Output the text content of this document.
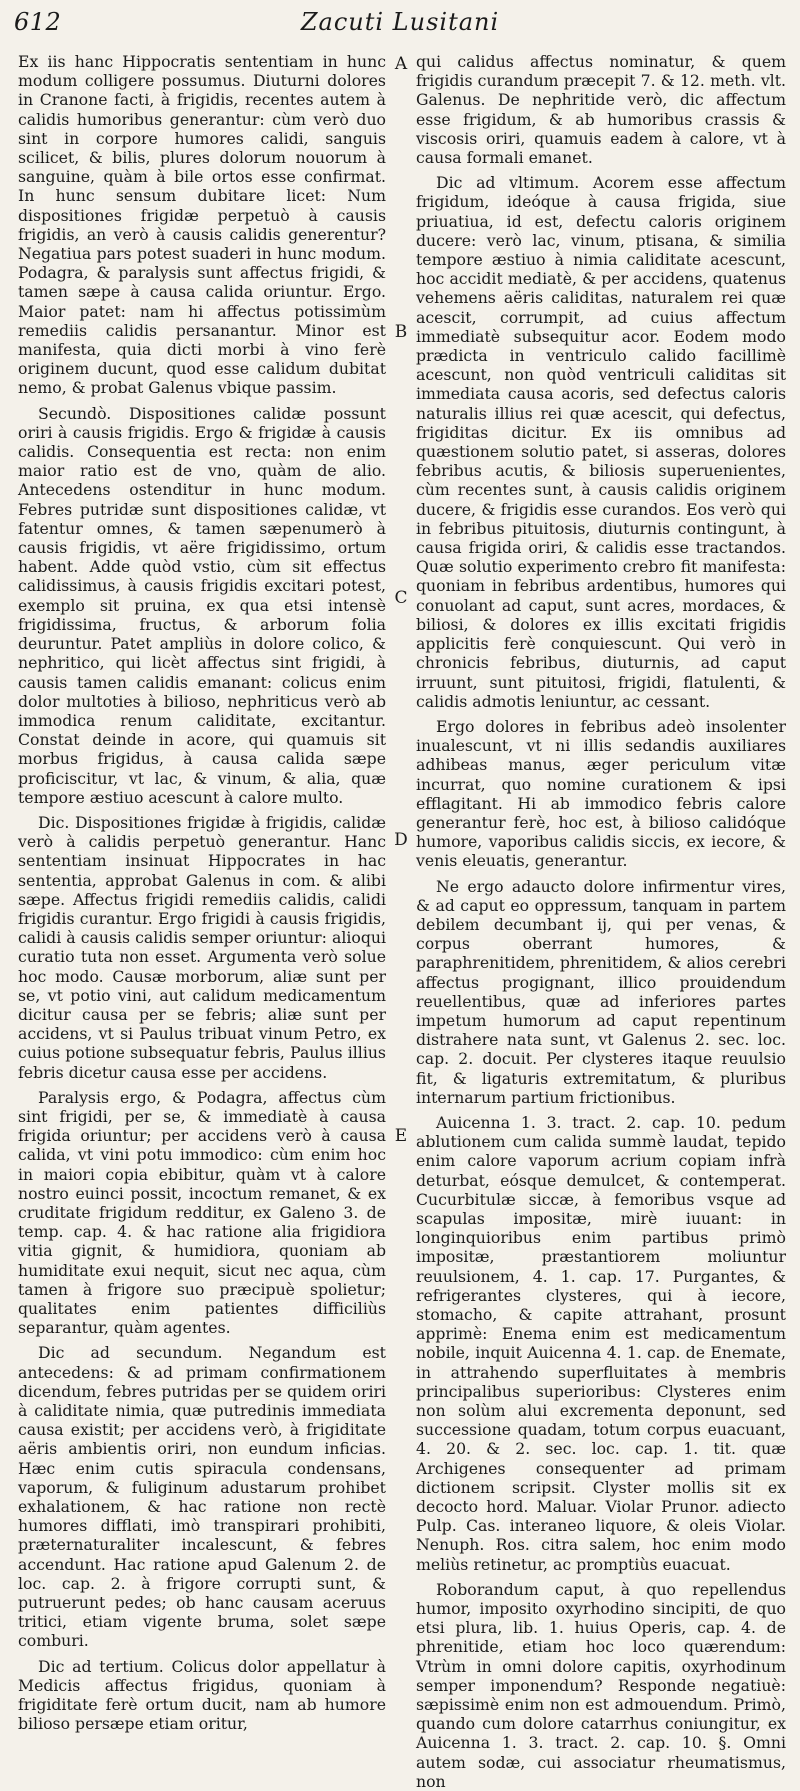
612	Zacuti Lusitani

Ex iis hanc Hippocratis sententiam in hunc modum colligere possumus. Diuturni dolores in Cranone facti, à frigidis, recentes autem à calidis humoribus generantur: cùm verò duo sint in corpore humores calidi, sanguis scilicet, & bilis, plures dolorum nouorum à sanguine, quàm à bile ortos esse confirmat. In hunc sensum dubitare licet: Num dispositiones frigidæ perpetuò à causis frigidis, an verò à causis calidis generentur? Negatiua pars potest suaderi in hunc modum. Podagra, & paralysis sunt affectus frigidi, & tamen sæpe à causa calida oriuntur. Ergo. Maior patet: nam hi affectus potissimùm remediis calidis persanantur. Minor est manifesta, quia dicti morbi à vino ferè originem ducunt, quod esse calidum dubitat nemo, & probat Galenus vbique passim.

Secundò. Dispositiones calidæ possunt oriri à causis frigidis. Ergo & frigidæ à causis calidis. Consequentia est recta: non enim maior ratio est de vno, quàm de alio. Antecedens ostenditur in hunc modum. Febres putridæ sunt dispositiones calidæ, vt fatentur omnes, & tamen sæpenumerò à causis frigidis, vt aëre frigidissimo, ortum habent. Adde quòd vstio, cùm sit effectus calidissimus, à causis frigidis excitari potest, exemplo sit pruina, ex qua etsi intensè frigidissima, fructus, & arborum folia deuruntur. Patet ampliùs in dolore colico, & nephritico, qui licèt affectus sint frigidi, à causis tamen calidis emanant: colicus enim dolor multoties à bilioso, nephriticus verò ab immodica renum caliditate, excitantur. Constat deinde in acore, qui quamuis sit morbus frigidus, à causa calida sæpe proficiscitur, vt lac, & vinum, & alia, quæ tempore æstiuo acescunt à calore multo.

Dic. Dispositiones frigidæ à frigidis, calidæ verò à calidis perpetuò generantur. Hanc sententiam insinuat Hippocrates in hac sententia, approbat Galenus in com. & alibi sæpe. Affectus frigidi remediis calidis, calidi frigidis curantur. Ergo frigidi à causis frigidis, calidi à causis calidis semper oriuntur: alioqui curatio tuta non esset. Argumenta verò solue hoc modo. Causæ morborum, aliæ sunt per se, vt potio vini, aut calidum medicamentum dicitur causa per se febris; aliæ sunt per accidens, vt si Paulus tribuat vinum Petro, ex cuius potione subsequatur febris, Paulus illius febris dicetur causa esse per accidens.

Paralysis ergo, & Podagra, affectus cùm sint frigidi, per se, & immediatè à causa frigida oriuntur; per accidens verò à causa calida, vt vini potu immodico: cùm enim hoc in maiori copia ebibitur, quàm vt à calore nostro euinci possit, incoctum remanet, & ex cruditate frigidum redditur, ex Galeno 3. de temp. cap. 4. & hac ratione alia frigidiora vitia gignit, & humidiora, quoniam ab humiditate exui nequit, sicut nec aqua, cùm tamen à frigore suo præcipuè spolietur; qualitates enim patientes difficiliùs separantur, quàm agentes.

Dic ad secundum. Negandum est antecedens: & ad primam confirmationem dicendum, febres putridas per se quidem oriri à caliditate nimia, quæ putredinis immediata causa existit; per accidens verò, à frigiditate aëris ambientis oriri, non eundum inficias. Hæc enim cutis spiracula condensans, vaporum, & fuliginum adustarum prohibet exhalationem, & hac ratione non rectè humores difflati, imò transpirari prohibiti, præternaturaliter incalescunt, & febres accendunt. Hac ratione apud Galenum 2. de loc. cap. 2. à frigore corrupti sunt, & putruerunt pedes; ob hanc causam aceruus tritici, etiam vigente bruma, solet sæpe comburi.

Dic ad tertium. Colicus dolor appellatur à Medicis affectus frigidus, quoniam à frigiditate ferè ortum ducit, nam ab humore bilioso persæpe etiam oritur,

A
B
C
D
E

qui calidus affectus nominatur, & quem frigidis curandum præcepit 7. & 12. meth. vlt. Galenus. De nephritide verò, dic affectum esse frigidum, & ab humoribus crassis & viscosis oriri, quamuis eadem à calore, vt à causa formali emanet.

Dic ad vltimum. Acorem esse affectum frigidum, ideóque à causa frigida, siue priuatiua, id est, defectu caloris originem ducere: verò lac, vinum, ptisana, & similia tempore æstiuo à nimia caliditate acescunt, hoc accidit mediatè, & per accidens, quatenus vehemens aëris caliditas, naturalem rei quæ acescit, corrumpit, ad cuius affectum immediatè subsequitur acor. Eodem modo prædicta in ventriculo calido facillimè acescunt, non quòd ventriculi caliditas sit immediata causa acoris, sed defectus caloris naturalis illius rei quæ acescit, qui defectus, frigiditas dicitur. Ex iis omnibus ad quæstionem solutio patet, si asseras, dolores febribus acutis, & biliosis superuenientes, cùm recentes sunt, à causis calidis originem ducere, & frigidis esse curandos. Eos verò qui in febribus pituitosis, diuturnis contingunt, à causa frigida oriri, & calidis esse tractandos. Quæ solutio experimento crebro fit manifesta: quoniam in febribus ardentibus, humores qui conuolant ad caput, sunt acres, mordaces, & biliosi, & dolores ex illis excitati frigidis applicitis ferè conquiescunt. Qui verò in chronicis febribus, diuturnis, ad caput irruunt, sunt pituitosi, frigidi, flatulenti, & calidis admotis leniuntur, ac cessant.

Ergo dolores in febribus adeò insolenter inualescunt, vt ni illis sedandis auxiliares adhibeas manus, æger periculum vitæ incurrat, quo nomine curationem & ipsi efflagitant. Hi ab immodico febris calore generantur ferè, hoc est, à bilioso calidóque humore, vaporibus calidis siccis, ex iecore, & venis eleuatis, generantur.

Ne ergo adaucto dolore infirmentur vires, & ad caput eo oppressum, tanquam in partem debilem decumbant ij, qui per venas, & corpus oberrant humores, & paraphrenitidem, phrenitidem, & alios cerebri affectus progignant, illico prouidendum reuellentibus, quæ ad inferiores partes impetum humorum ad caput repentinum distrahere nata sunt, vt Galenus 2. sec. loc. cap. 2. docuit. Per clysteres itaque reuulsio fit, & ligaturis extremitatum, & pluribus internarum partium frictionibus.

Auicenna 1. 3. tract. 2. cap. 10. pedum ablutionem cum calida summè laudat, tepido enim calore vaporum acrium copiam infrà deturbat, eósque demulcet, & contemperat. Cucurbitulæ siccæ, à femoribus vsque ad scapulas impositæ, mirè iuuant: in longinquioribus enim partibus primò impositæ, præstantiorem moliuntur reuulsionem, 4. 1. cap. 17. Purgantes, & refrigerantes clysteres, qui à iecore, stomacho, & capite attrahant, prosunt apprimè: Enema enim est medicamentum nobile, inquit Auicenna 4. 1. cap. de Enemate, in attrahendo superfluitates à membris principalibus superioribus: Clysteres enim non solùm alui excrementa deponunt, sed successione quadam, totum corpus euacuant, 4. 20. & 2. sec. loc. cap. 1. tit. quæ Archigenes consequenter ad primam dictionem scripsit. Clyster mollis sit ex decocto hord. Maluar. Violar Prunor. adiecto Pulp. Cas. interaneo liquore, & oleis Violar. Nenuph. Ros. citra salem, hoc enim modo meliùs retinetur, ac promptiùs euacuat.

Roborandum caput, à quo repellendus humor, imposito oxyrhodino sincipiti, de quo etsi plura, lib. 1. huius Operis, cap. 4. de phrenitide, etiam hoc loco quærendum: Vtrùm in omni dolore capitis, oxyrhodinum semper imponendum? Responde negatiuè: sæpissimè enim non est admouendum. Primò, quando cum dolore catarrhus coniungitur, ex Auicenna 1. 3. tract. 2. cap. 10. §. Omni autem sodæ, cui associatur rheumatismus, non
